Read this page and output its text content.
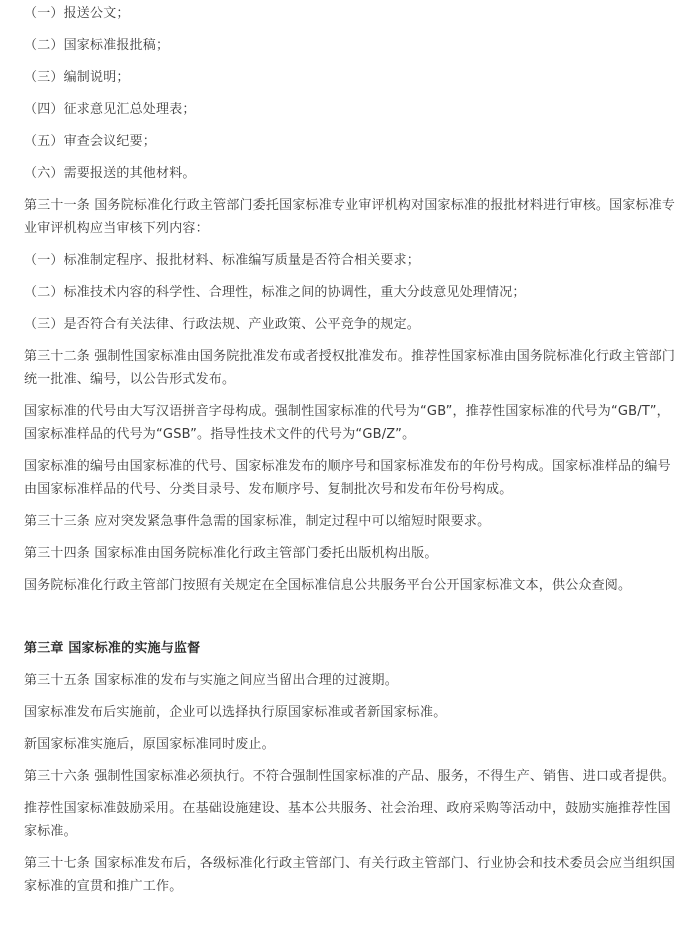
（一）报送公文；

（二）国家标准报批稿；

（三）编制说明；

（四）征求意见汇总处理表；

（五）审查会议纪要；

（六）需要报送的其他材料。

第三十一条 国务院标准化行政主管部门委托国家标准专业审评机构对国家标准的报批材料进行审核。国家标准专业审评机构应当审核下列内容：

（一）标准制定程序、报批材料、标准编写质量是否符合相关要求；

（二）标准技术内容的科学性、合理性，标准之间的协调性，重大分歧意见处理情况；

（三）是否符合有关法律、行政法规、产业政策、公平竞争的规定。

第三十二条 强制性国家标准由国务院批准发布或者授权批准发布。推荐性国家标准由国务院标准化行政主管部门统一批准、编号，以公告形式发布。

国家标准的代号由大写汉语拼音字母构成。强制性国家标准的代号为“GB”，推荐性国家标准的代号为“GB/T”，国家标准样品的代号为“GSB”。指导性技术文件的代号为“GB/Z”。

国家标准的编号由国家标准的代号、国家标准发布的顺序号和国家标准发布的年份号构成。国家标准样品的编号由国家标准样品的代号、分类目录号、发布顺序号、复制批次号和发布年份号构成。

第三十三条 应对突发紧急事件急需的国家标准，制定过程中可以缩短时限要求。

第三十四条 国家标准由国务院标准化行政主管部门委托出版机构出版。

国务院标准化行政主管部门按照有关规定在全国标准信息公共服务平台公开国家标准文本，供公众查阅。

第三章 国家标准的实施与监督

第三十五条 国家标准的发布与实施之间应当留出合理的过渡期。

国家标准发布后实施前，企业可以选择执行原国家标准或者新国家标准。

新国家标准实施后，原国家标准同时废止。

第三十六条 强制性国家标准必须执行。不符合强制性国家标准的产品、服务，不得生产、销售、进口或者提供。

推荐性国家标准鼓励采用。在基础设施建设、基本公共服务、社会治理、政府采购等活动中，鼓励实施推荐性国家标准。

第三十七条 国家标准发布后，各级标准化行政主管部门、有关行政主管部门、行业协会和技术委员会应当组织国家标准的宣贯和推广工作。
